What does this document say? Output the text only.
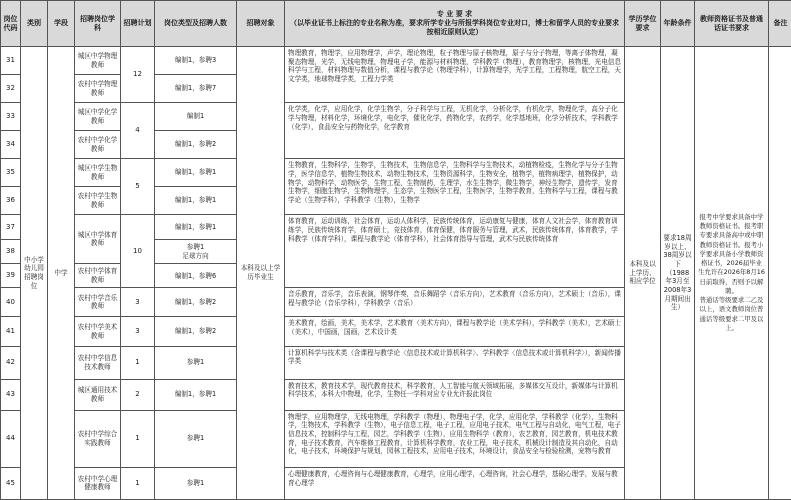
岗位代码	类别	学段	招聘岗位学科	招聘计划	岗位类型及招聘人数	招聘对象	专 业 要 求
（以毕业证书上标注的专业名称为准，要求所学专业与所报学科岗位专业对口，博士和留学人员的专业要求按相近原则认定）	学历学位要求	年龄条件	教师资格证书及普通话证书要求	备注
31	中小学幼儿园招聘岗位	中学	城区中学物理教师	12	编制1，参聘3	本科及以上学历毕业生	物理教育，物理学，应用物理学，声学，理论物理，粒子物理与原子核物理，原子与分子物理，等离子体物理，凝聚态物理，光学，无线电物理，物理电子学，能源与材料物理，学科教学（物理），教育物理学，核物理，光电信息科学与工程，材料物理与数值分析，课程与教学论（物理学科），计算物理学，光学工程，工程物理，航空工程，天文学类，地球物理学类，工程力学类	本科及以上学历、相应学位	要求18周岁以上、38周岁以下（1988年3月至2008年3月期间出生）	报考中学要求具备中学教师资格证书。报考职专要求具备高中或中职教师资格证书。报考小学要求具备小学教师资格证书，2026届毕业生允许在2026年8月16日前取得，否则予以解聘。
普通话等级要求二乙及以上，语文教师岗位普通话等级要求二甲及以上。	
32			农村中学物理教师		编制1，参聘7						
33			城区中学化学教师	4	编制1		化学类，化学，应用化学，化学生物学，分子科学与工程，无机化学，分析化学，有机化学，物理化学，高分子化学与物理，材料化学，环境化学，电化学，催化化学，药物化学，农药学，化学基地班，化学分析技术，学科教学（化学），食品安全与药物化学，化学教育				
34			农村中学化学教师		编制1，参聘2						
35			城区中学生物教师	5	编制1，参聘1		生物教育，生物科学，生物学，生物技术，生物信息学，生物科学与生物技术，动植物检疫，生物化学与分子生物学，医学信息学，植物生物技术，动物生物技术，生物资源科学，生物安全，植物学，植物病理学，植物保护，动物学，动物科学，动物医学，生物工程，生物制药，生理学，水生生物学，微生物学，神经生物学，遗传学，发育生物学，细胞生物学，生物物理学，生态学，生物医学工程，生物医学，生物学教育，生物科学与工程，课程与教学论（生物学科），学科教学（生物），生物学				
36			农村中学生物教师		编制1，参聘1						
37			城区中学体育教师	10	编制1，参聘1		体育教育，运动训练，社会体育，运动人体科学，民族传统体育，运动康复与健康，体育人文社会学，体育教育训练学，民族传统体育学，体育硕士，竞技体育，体育保健，体育服务与管理，武术，民族传统体育，体育教学，学科教学（体育学科），课程与教学论（体育学科），社会体育指导与管理，武术与民族传统体育				
38					参聘1
足球方向						
39			农村中学体育教师		编制1，参聘6						
40			农村中学音乐教师	3	编制1，参聘2		音乐教育，音乐学，音乐表演，钢琴伴奏，音乐舞蹈学（音乐方向），艺术教育（音乐方向），艺术硕士（音乐），课程与教学论（音乐学科），学科教学（音乐）				
41			农村中学美术教师	3	编制1，参聘2		美术教育，绘画，美术，美术学，艺术教育（美术方向），课程与教学论（美术学科），学科教学（美术），艺术硕士（美术），中国画，国画，艺术设计类				
42			农村中学信息技术教师	1	参聘1		计算机科学与技术类（含课程与教学论〈信息技术或计算机科学〉、学科教学〈信息技术或计算机科学〉），新闻传播学类				
43			城区通用技术教师	2	编制1，参聘1		教育技术，教育技术学，现代教育技术，科学教育，人工智能与航天领域拓展，多媒体交互设计，新媒体与计算机科学技术，本科大中物理，化学，生物任一学科对应专业允许报此岗位				
44			农村中学综合实践教师	1	参聘1		物理学，应用物理学，无线电物理，学科教学（物理），物理电子学，化学，应用化学，学科教学（化学），生物科学，生物技术，学科教学（生物），电子信息工程，电子工程，应用电子技术，电气工程与自动化，电气工程，电子信息技术，控制科学与工程，园艺，学科教学（生物），应用生物科学（教育），农艺教育，园艺教育，机电技术教育，电子技术教育，汽车维修工程教育，计算机科学教育，农业工程，电子技术，机械设计制造及其自动化，自动化，电子技术，环境保护与规划，园林工程技术，应用电子技术，环境设计，食品安全与检验检测，宠物与教育				
45			农村中学心理健康教师	1	参聘1		心理健康教育，心理咨询与心理健康教育，心理学，应用心理学，心理咨询，社会心理学，基础心理学，发展与教育心理学				
